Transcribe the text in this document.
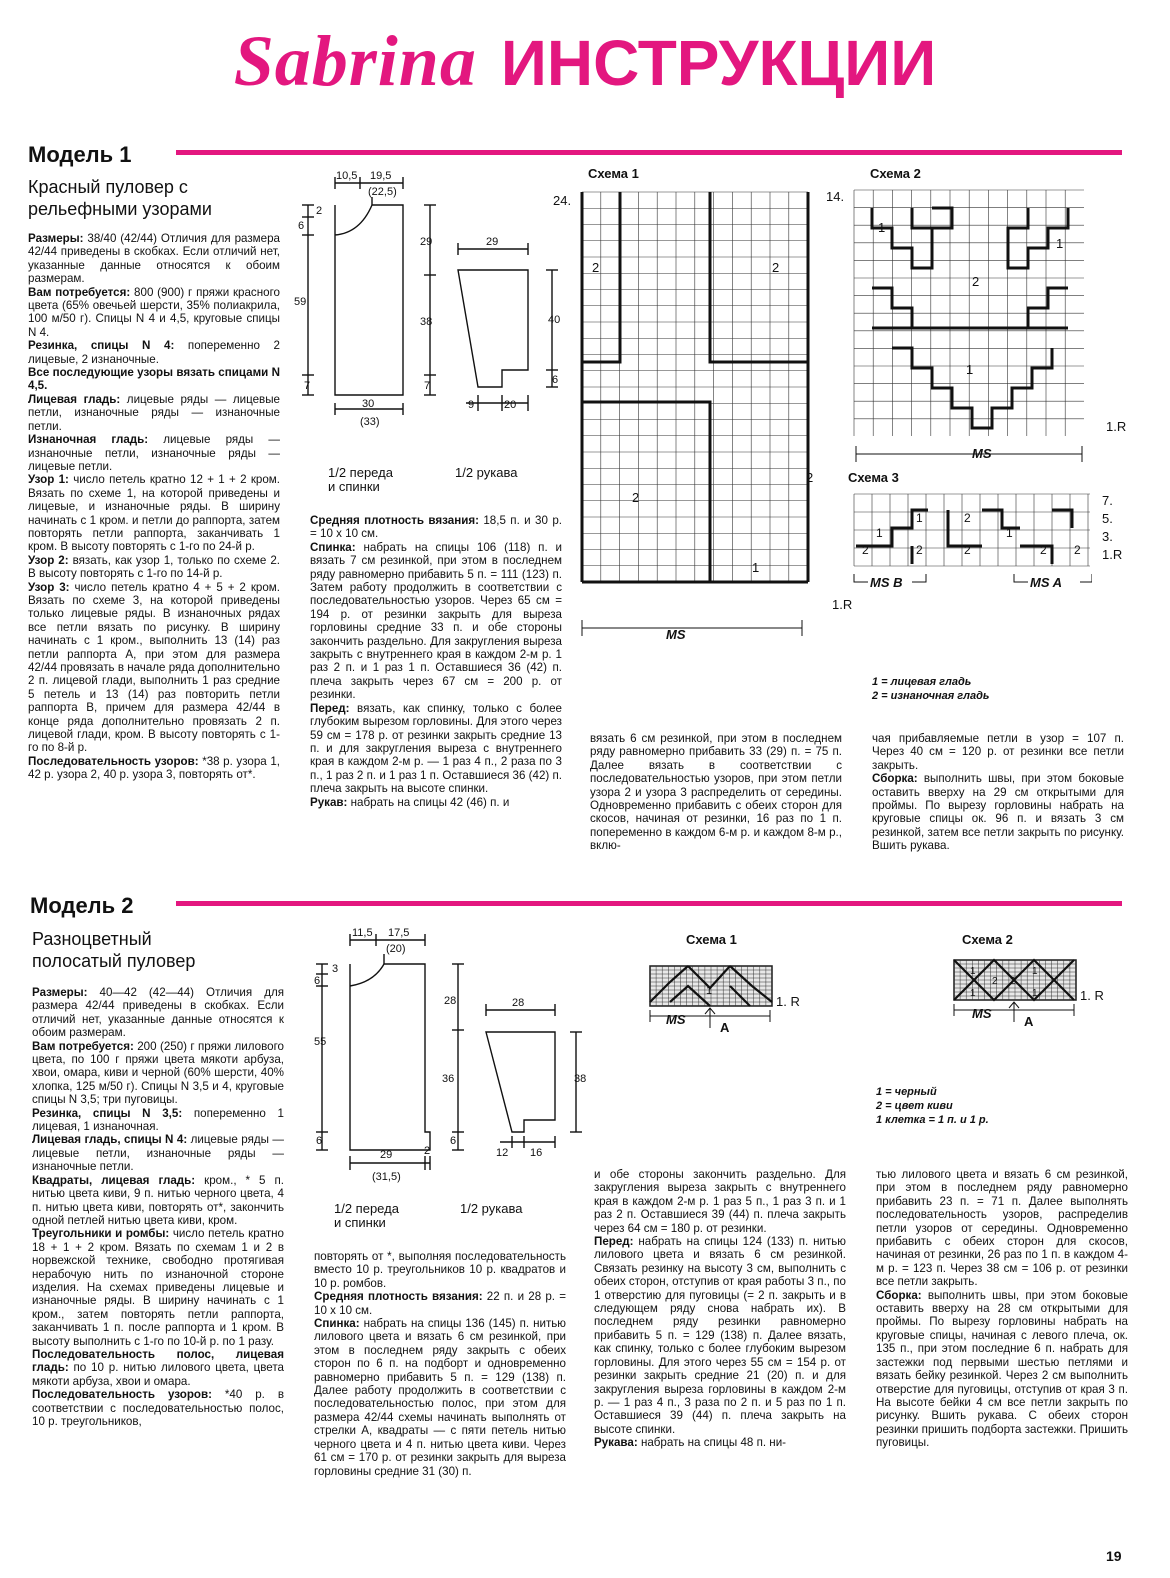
Sabrina ИНСТРУКЦИИ
Модель 1
Красный пуловер с
рельефными узорами

Размеры: 38/40 (42/44) Отличия для размера 42/44 приведены в скобках. Если отличий нет, указанные данные относятся к обоим размерам.

Вам потребуется: 800 (900) г пряжи красного цвета (65% овечьей шерсти, 35% полиакрила, 100 м/50 г). Спицы N 4 и 4,5, круговые спицы N 4.

Резинка, спицы N 4: попеременно 2 лицевые, 2 изнаночные.

Все последующие узоры вязать спицами N 4,5.

Лицевая гладь: лицевые ряды — лицевые петли, изнаночные ряды — изнаночные петли.

Изнаночная гладь: лицевые ряды — изнаночные петли, изнаночные ряды — лицевые петли.

Узор 1: число петель кратно 12 + 1 + 2 кром. Вязать по схеме 1, на которой приведены и лицевые, и изнаночные ряды. В ширину начинать с 1 кром. и петли до раппорта, затем повторять петли раппорта, заканчивать 1 кром. В высоту повторять с 1-го по 24-й р.

Узор 2: вязать, как узор 1, только по схеме 2. В высоту повторять с 1-го по 14-й р.

Узор 3: число петель кратно 4 + 5 + 2 кром. Вязать по схеме 3, на которой приведены только лицевые ряды. В изнаночных рядах все петли вязать по рисунку. В ширину начинать с 1 кром., выполнить 13 (14) раз петли раппорта А, при этом для размера 42/44 провязать в начале ряда дополнительно 2 п. лицевой глади, выполнить 1 раз средние 5 петель и 13 (14) раз повторить петли раппорта В, причем для размера 42/44 в конце ряда дополнительно провязать 2 п. лицевой глади, кром. В высоту повторять с 1-го по 8-й р.

Последовательность узоров: *38 р. узора 1, 42 р. узора 2, 40 р. узора 3, повторять от*.

Средняя плотность вязания: 18,5 п. и 30 р. = 10 х 10 см.

Спинка: набрать на спицы 106 (118) п. и вязать 7 см резинкой, при этом в последнем ряду равномерно прибавить 5 п. = 111 (123) п. Затем работу продолжить в соответствии с последовательностью узоров. Через 65 см = 194 р. от резинки закрыть для выреза горловины средние 33 п. и обе стороны закончить раздельно. Для закругления выреза закрыть с внутреннего края в каждом 2-м р. 1 раз 2 п. и 1 раз 1 п. Оставшиеся 36 (42) п. плеча закрыть через 67 см = 200 р. от резинки.

Перед: вязать, как спинку, только с более глубоким вырезом горловины. Для этого через 59 см = 178 р. от резинки закрыть средние 13 п. и для закругления выреза с внутреннего края в каждом 2-м р. — 1 раз 4 п., 2 раза по 3 п., 1 раз 2 п. и 1 раз 1 п. Оставшиеся 36 (42) п. плеча закрыть на высоте спинки.

Рукав: набрать на спицы 42 (46) п. и

вязать 6 см резинкой, при этом в последнем ряду равномерно прибавить 33 (29) п. = 75 п. Далее вязать в соответствии с последовательностью узоров, при этом петли узора 2 и узора 3 распределить от середины. Одновременно прибавить с обеих сторон для скосов, начиная от резинки, 16 раз по 1 п. попеременно в каждом 6-м р. и каждом 8-м р., вклю-

чая прибавляемые петли в узор = 107 п. Через 40 см = 120 р. от резинки все петли закрыть.

Сборка: выполнить швы, при этом боковые оставить вверху на 29 см открытыми для проймы. По вырезу горловины набрать на круговые спицы ок. 96 п. и вязать 3 см резинкой, затем все петли закрыть по рисунку. Вшить рукава.

10,5 19,5
(22,5)
2
6
59
29
38
7	7
30
(33)
29
40
6
9	20
1/2 переда
и спинки
1/2 рукава
Схема 1
24.
1.R
2	2
2
2
1
MS
Схема 2
14.
1.R
1
1
2
1
MS
Схема 3
7.
5.
3.
1.R
2
1
1
2
2
2
1
2 2
MS B	MS A
1 = лицевая гладь
2 = изнаночная гладь
Модель 2
Разноцветный
полосатый пуловер

Размеры: 40—42 (42—44) Отличия для размера 42/44 приведены в скобках. Если отличий нет, указанные данные относятся к обоим размерам.

Вам потребуется: 200 (250) г пряжи лилового цвета, по 100 г пряжи цвета мякоти арбуза, хвои, омара, киви и черной (60% шерсти, 40% хлопка, 125 м/50 г). Спицы N 3,5 и 4, круговые спицы N 3,5; три пуговицы.

Резинка, спицы N 3,5: попеременно 1 лицевая, 1 изнаночная.

Лицевая гладь, спицы N 4: лицевые ряды — лицевые петли, изнаночные ряды — изнаночные петли.

Квадраты, лицевая гладь: кром., * 5 п. нитью цвета киви, 9 п. нитью черного цвета, 4 п. нитью цвета киви, повторять от*, закончить одной петлей нитью цвета киви, кром.

Треугольники и ромбы: число петель кратно 18 + 1 + 2 кром. Вязать по схемам 1 и 2 в норвежской технике, свободно протягивая нерабочую нить по изнаночной стороне изделия. На схемах приведены лицевые и изнаночные ряды. В ширину начинать с 1 кром., затем повторять петли раппорта, заканчивать 1 п. после раппорта и 1 кром. В высоту выполнить с 1-го по 10-й р. по 1 разу.

Последовательность полос, лицевая гладь: по 10 р. нитью лилового цвета, цвета мякоти арбуза, хвои и омара.

Последовательность узоров: *40 р. в соответствии с последовательностью полос, 10 р. треугольников,

повторять от *, выполняя последовательность вместо 10 р. треугольников 10 р. квадратов и 10 р. ромбов.

Средняя плотность вязания: 22 п. и 28 р. = 10 х 10 см.

Спинка: набрать на спицы 136 (145) п. нитью лилового цвета и вязать 6 см резинкой, при этом в последнем ряду закрыть с обеих сторон по 6 п. на подборт и одновременно равномерно прибавить 5 п. = 129 (138) п. Далее работу продолжить в соответствии с последовательностью полос, при этом для размера 42/44 схемы начинать выполнять от стрелки А, квадраты — с пяти петель нитью черного цвета и 4 п. нитью цвета киви. Через 61 см = 170 р. от резинки закрыть для выреза горловины средние 31 (30) п.

и обе стороны закончить раздельно. Для закругления выреза закрыть с внутреннего края в каждом 2-м р. 1 раз 5 п., 1 раз 3 п. и 1 раз 2 п. Оставшиеся 39 (44) п. плеча закрыть через 64 см = 180 р. от резинки.

Перед: набрать на спицы 124 (133) п. нитью лилового цвета и вязать 6 см резинкой. Связать резинку на высоту 3 см, выполнить с обеих сторон, отступив от края работы 3 п., по 1 отверстию для пуговицы (= 2 п. закрыть и в следующем ряду снова набрать их). В последнем ряду резинки равномерно прибавить 5 п. = 129 (138) п. Далее вязать, как спинку, только с более глубоким вырезом горловины. Для этого через 55 см = 154 р. от резинки закрыть средние 21 (20) п. и для закругления выреза горловины в каждом 2-м р. — 1 раз 4 п., 3 раза по 2 п. и 5 раз по 1 п. Оставшиеся 39 (44) п. плеча закрыть на высоте спинки.

Рукава: набрать на спицы 48 п. ни-

тью лилового цвета и вязать 6 см резинкой, при этом в последнем ряду равномерно прибавить 23 п. = 71 п. Далее выполнять последовательность узоров, распределив петли узоров от середины. Одновременно прибавить с обеих сторон для скосов, начиная от резинки, 26 раз по 1 п. в каждом 4-м р. = 123 п. Через 38 см = 106 р. от резинки все петли закрыть.

Сборка: выполнить швы, при этом боковые оставить вверху на 28 см открытыми для проймы. По вырезу горловины набрать на круговые спицы, начиная с левого плеча, ок. 135 п., при этом последние 6 п. набрать для застежки под первыми шестью петлями и вязать бейку резинкой. Через 2 см выполнить отверстие для пуговицы, отступив от края 3 п. На высоте бейки 4 см все петли закрыть по рисунку. Вшить рукава. С обеих сторон резинки пришить подборта застежки. Пришить пуговицы.

11,5 17,5
(20)
3
6
55
28
36
6	6
29
(31,5)
2
28
38
12 16
1/2 переда
и спинки
1/2 рукава
Схема 1
1
MS
A
1. R
Схема 2
1
2 2
1
1	1
MS
A
1. R
1 = черный
2 = цвет киви
1 клетка = 1 п. и 1 р.
19
